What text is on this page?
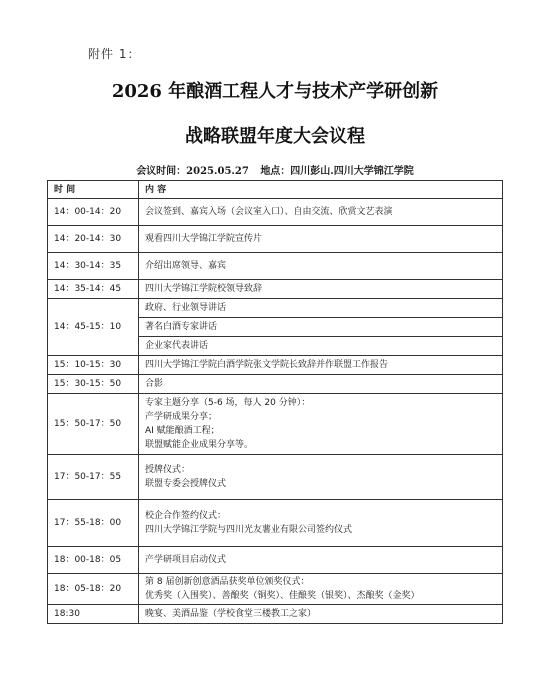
附件 1：
2026 年酿酒工程人才与技术产学研创新
战略联盟年度大会议程
会议时间：2025.05.27 地点：四川彭山.四川大学锦江学院
时 间	内 容
14：00-14：20	会议签到、嘉宾入场（会议室入口）、自由交流、欣赏文艺表演

14：20-14：30	观看四川大学锦江学院宣传片

14：30-14：35	介绍出席领导、嘉宾

14：35-14：45	四川大学锦江学院校领导致辞

14：45-15：10	政府、行业领导讲话
	著名白酒专家讲话
	企业家代表讲话
15：10-15：30	四川大学锦江学院白酒学院张文学院长致辞并作联盟工作报告

15：30-15：50	合影

15：50-17：50	专家主题分享（5-6 场，每人 20 分钟）：
产学研成果分享；
AI 赋能酿酒工程；
联盟赋能企业成果分享等。

17：50-17：55	授牌仪式：
联盟专委会授牌仪式

17：55-18：00	校企合作签约仪式：
四川大学锦江学院与四川光友薯业有限公司签约仪式

18：00-18：05	产学研项目启动仪式

18：05-18：20	第 8 届创新创意酒品获奖单位颁奖仪式：
优秀奖（入围奖）、善酿奖（铜奖）、佳酿奖（银奖）、杰酿奖（金奖）

18:30	晚宴、美酒品鉴（学校食堂三楼教工之家）
